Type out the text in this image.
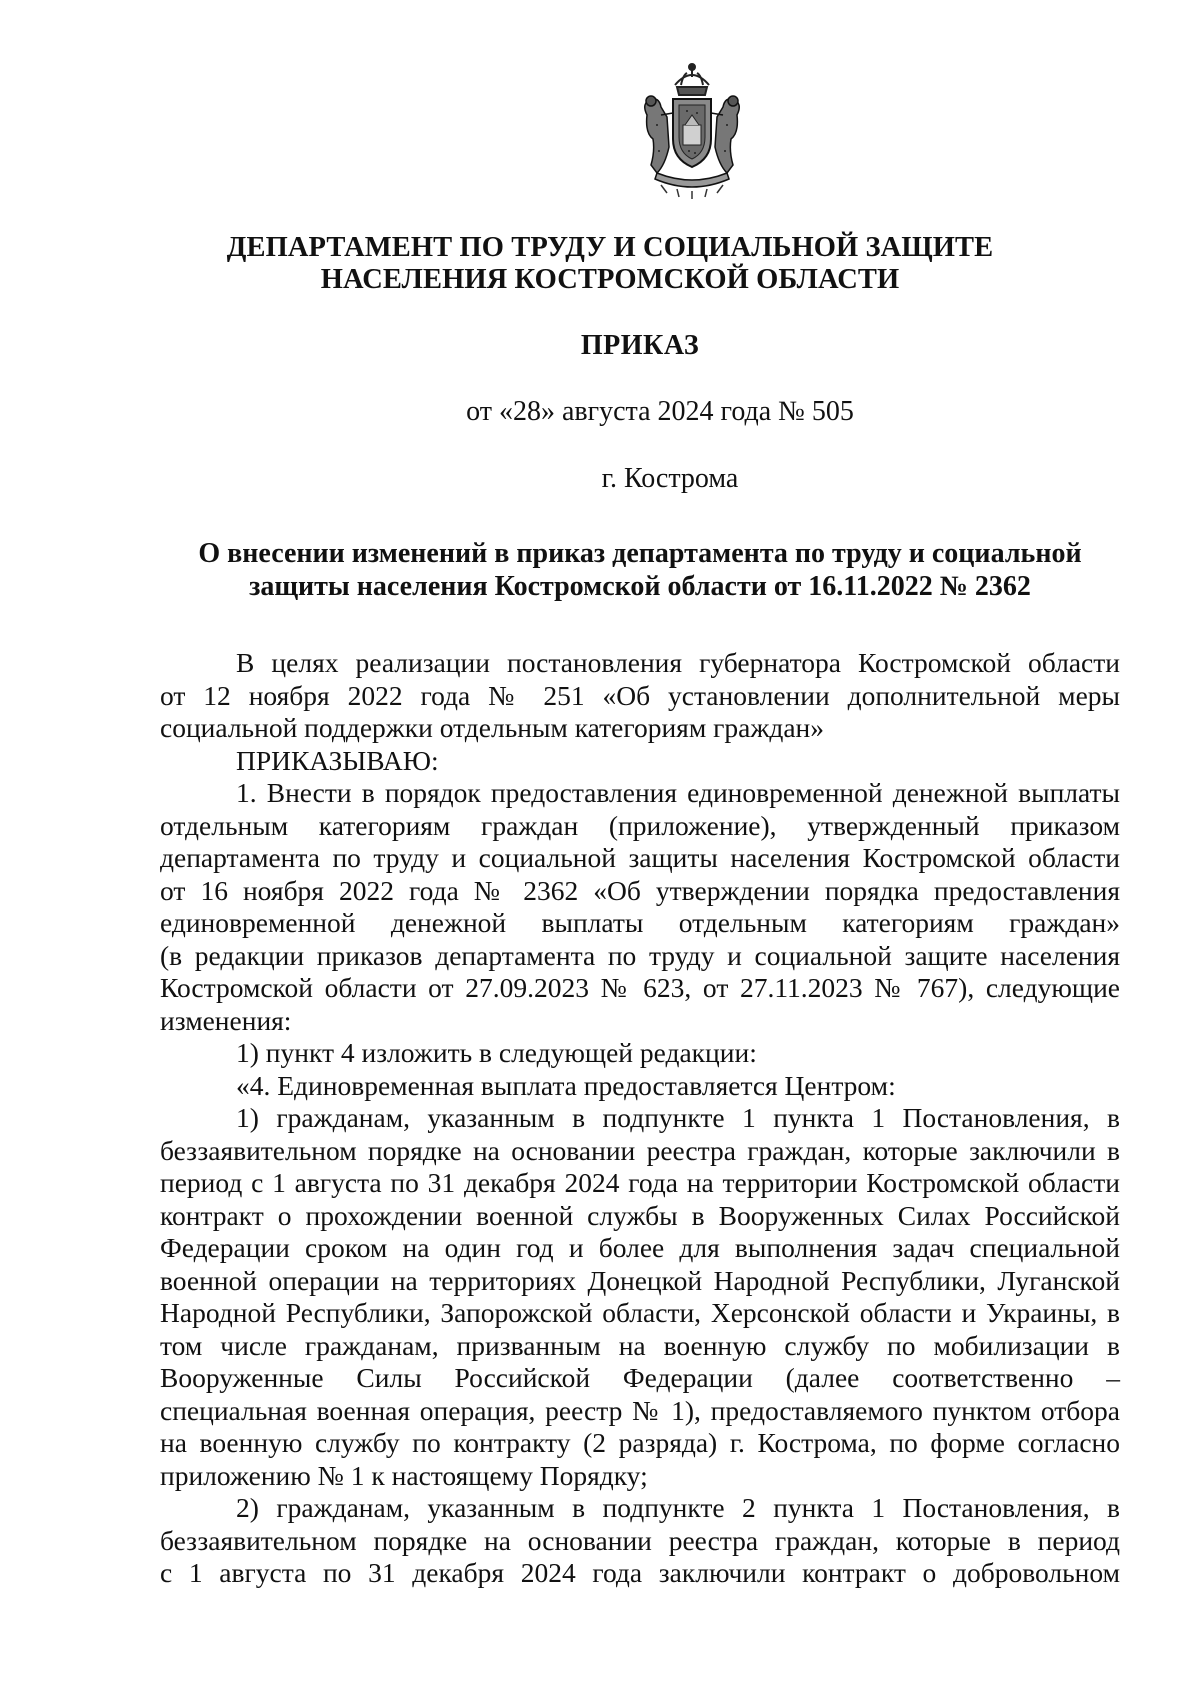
ДЕПАРТАМЕНТ ПО ТРУДУ И СОЦИАЛЬНОЙ ЗАЩИТЕ
НАСЕЛЕНИЯ КОСТРОМСКОЙ ОБЛАСТИ
ПРИКАЗ
от «28» августа 2024 года № 505
г. Кострома
О внесении изменений в приказ департамента по труду и социальной
защиты населения Костромской области от 16.11.2022 № 2362
В целях реализации постановления губернатора Костромской области
от 12 ноября 2022 года № 251 «Об установлении дополнительной меры
социальной поддержки отдельным категориям граждан»
ПРИКАЗЫВАЮ:
1. Внести в порядок предоставления единовременной денежной выплаты
отдельным категориям граждан (приложение), утвержденный приказом
департамента по труду и социальной защиты населения Костромской области
от 16 ноября 2022 года № 2362 «Об утверждении порядка предоставления
единовременной денежной выплаты отдельным категориям граждан»
(в редакции приказов департамента по труду и социальной защите населения
Костромской области от 27.09.2023 № 623, от 27.11.2023 № 767), следующие
изменения:
1) пункт 4 изложить в следующей редакции:
«4. Единовременная выплата предоставляется Центром:
1) гражданам, указанным в подпункте 1 пункта 1 Постановления, в
беззаявительном порядке на основании реестра граждан, которые заключили в
период с 1 августа по 31 декабря 2024 года на территории Костромской области
контракт о прохождении военной службы в Вооруженных Силах Российской
Федерации сроком на один год и более для выполнения задач специальной
военной операции на территориях Донецкой Народной Республики, Луганской
Народной Республики, Запорожской области, Херсонской области и Украины, в
том числе гражданам, призванным на военную службу по мобилизации в
Вооруженные Силы Российской Федерации (далее соответственно –
специальная военная операция, реестр № 1), предоставляемого пунктом отбора
на военную службу по контракту (2 разряда) г. Кострома, по форме согласно
приложению № 1 к настоящему Порядку;
2) гражданам, указанным в подпункте 2 пункта 1 Постановления, в
беззаявительном порядке на основании реестра граждан, которые в период
с 1 августа по 31 декабря 2024 года заключили контракт о добровольном
